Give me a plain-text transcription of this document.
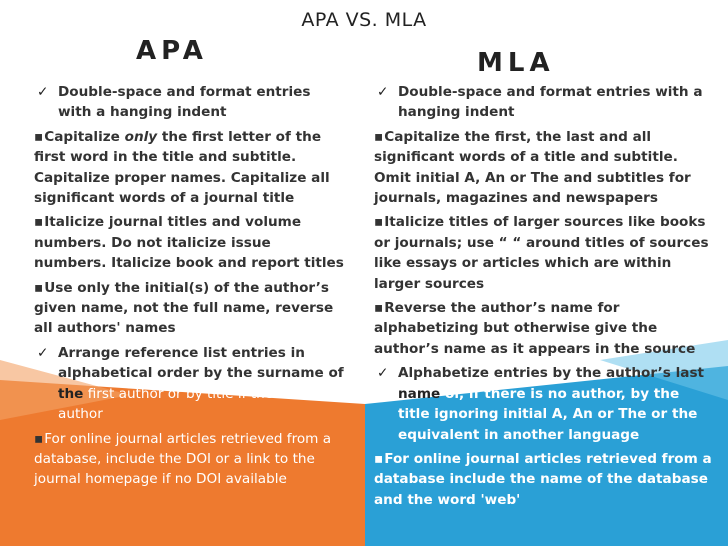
APA VS. MLA
APA	MLA

✓ Double-space and format entries with a hanging indent

▪ Capitalize only the first letter of the first word in the title and subtitle. Capitalize proper names. Capitalize all significant words of a journal title

▪ Italicize journal titles and volume numbers. Do not italicize issue numbers. Italicize book and report titles

▪ Use only the initial(s) of the author’s given name, not the full name, reverse all authors' names

✓ Arrange reference list entries in alphabetical order by the surname of the first author or by title if there is no author

▪ For online journal articles retrieved from a database, include the DOI or a link to the journal homepage if no DOI available

✓ Double-space and format entries with a hanging indent

▪ Capitalize the first, the last and all significant words of a title and subtitle. Omit initial A, An or The and subtitles for journals, magazines and newspapers

▪ Italicize titles of larger sources like books or journals; use “ “ around titles of sources like essays or articles which are within larger sources

▪ Reverse the author’s name for alphabetizing but otherwise give the author’s name as it appears in the source

✓ Alphabetize entries by the author’s last name or, if there is no author, by the title ignoring initial A, An or The or the equivalent in another language

▪ For online journal articles retrieved from a database include the name of the database and the word 'web'
